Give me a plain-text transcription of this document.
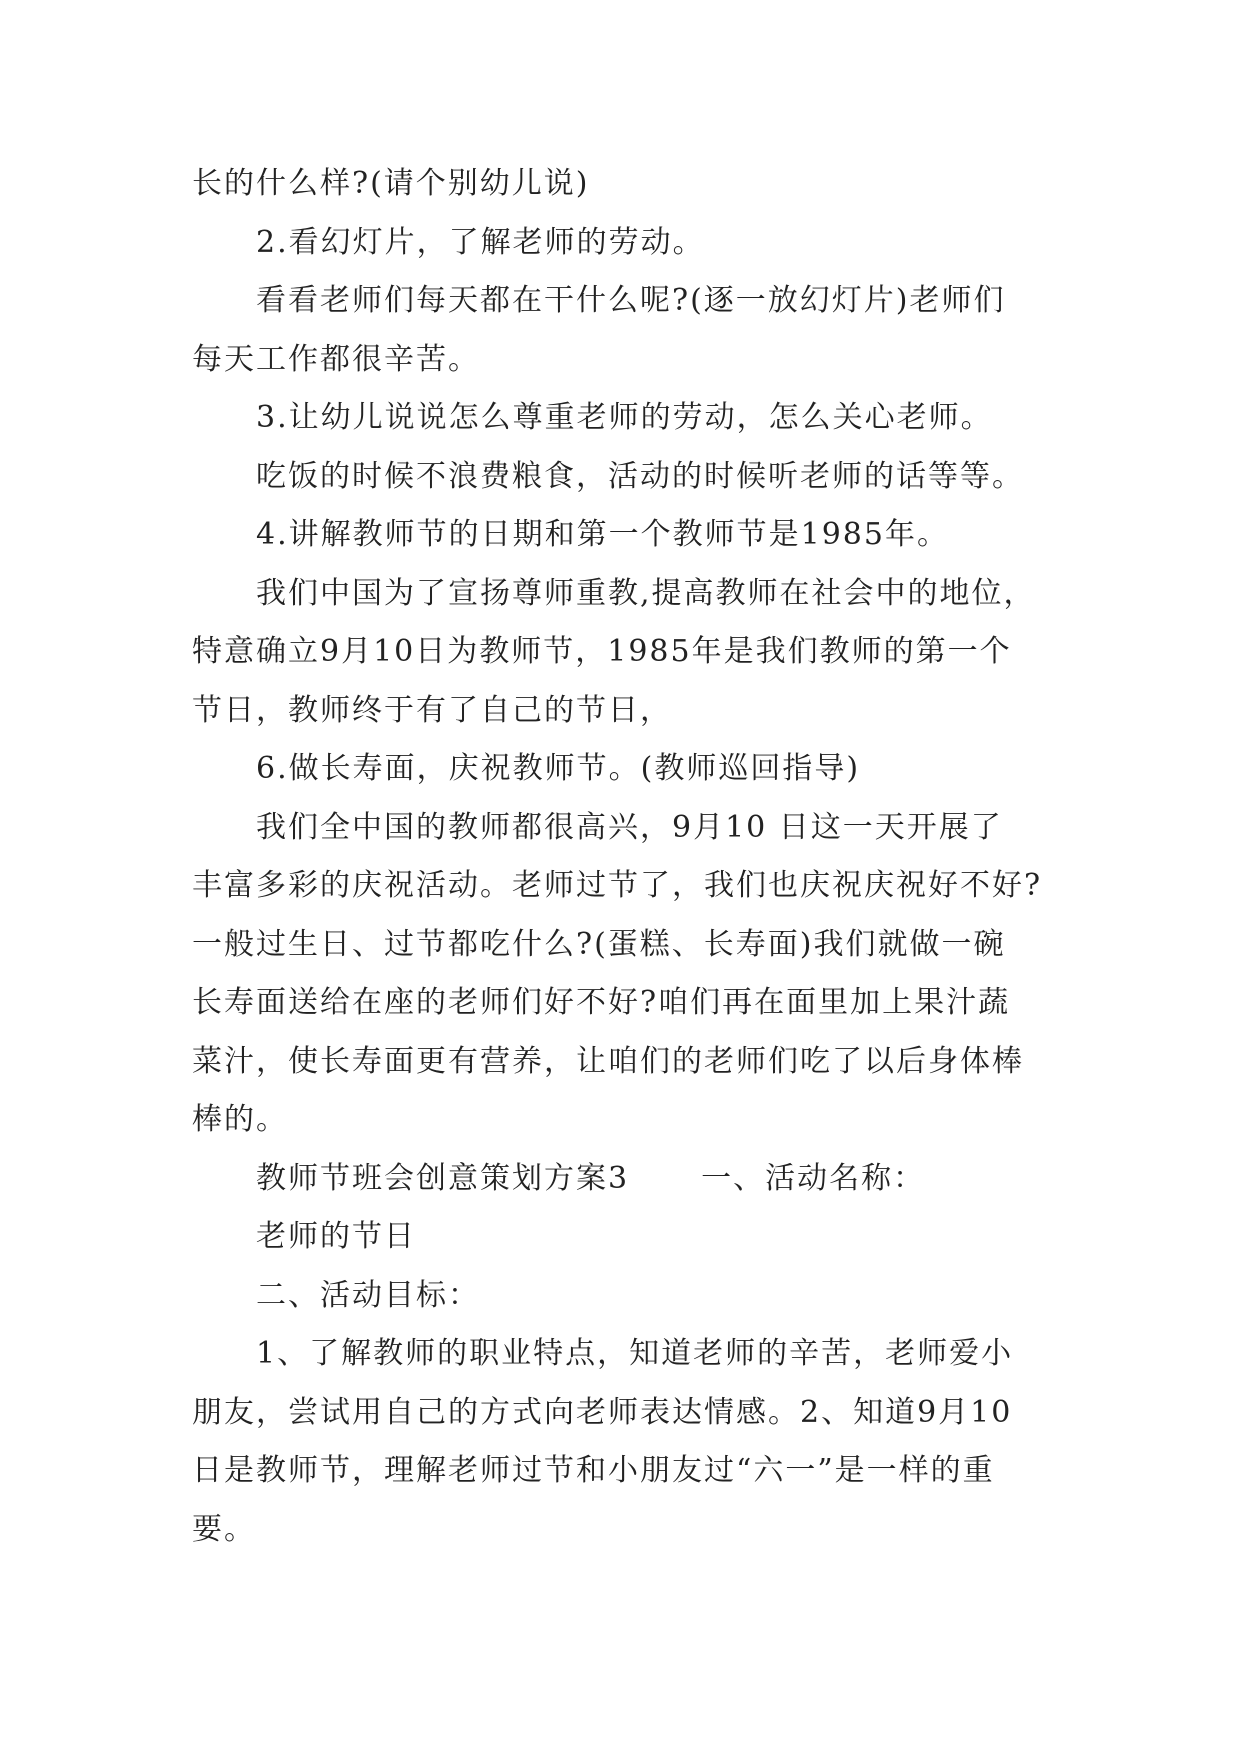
长的什么样?(请个别幼儿说)
2.看幻灯片，了解老师的劳动。
看看老师们每天都在干什么呢?(逐一放幻灯片)老师们
每天工作都很辛苦。
3.让幼儿说说怎么尊重老师的劳动，怎么关心老师。
吃饭的时候不浪费粮食，活动的时候听老师的话等等。
4.讲解教师节的日期和第一个教师节是1985年。
我们中国为了宣扬尊师重教,提高教师在社会中的地位，
特意确立9月10日为教师节，1985年是我们教师的第一个
节日，教师终于有了自己的节日，
6.做长寿面，庆祝教师节。(教师巡回指导)
我们全中国的教师都很高兴，9月10 日这一天开展了
丰富多彩的庆祝活动。老师过节了，我们也庆祝庆祝好不好?
一般过生日、过节都吃什么?(蛋糕、长寿面)我们就做一碗
长寿面送给在座的老师们好不好?咱们再在面里加上果汁蔬
菜汁，使长寿面更有营养，让咱们的老师们吃了以后身体棒
棒的。
教师节班会创意策划方案3 一、活动名称：
老师的节日
二、活动目标：
1、了解教师的职业特点，知道老师的辛苦，老师爱小
朋友，尝试用自己的方式向老师表达情感。2、知道9月10
日是教师节，理解老师过节和小朋友过“六一”是一样的重
要。
